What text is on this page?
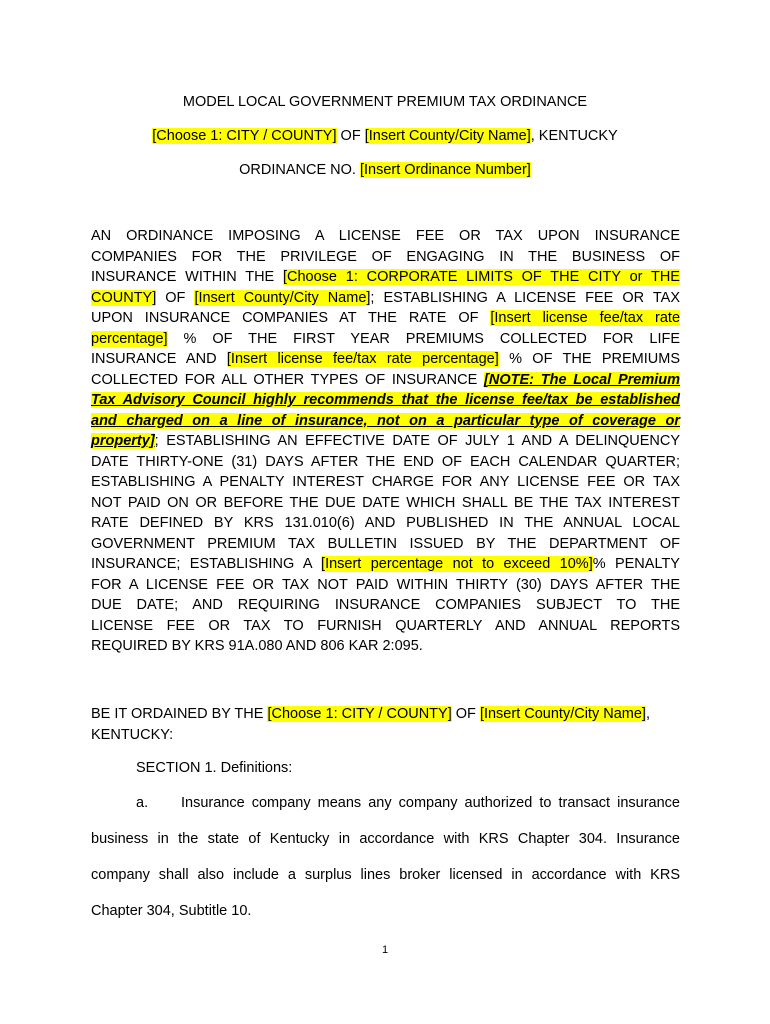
MODEL LOCAL GOVERNMENT PREMIUM TAX ORDINANCE
[Choose 1: CITY / COUNTY] OF [Insert County/City Name], KENTUCKY
ORDINANCE NO. [Insert Ordinance Number]
AN ORDINANCE IMPOSING A LICENSE FEE OR TAX UPON INSURANCE
COMPANIES FOR THE PRIVILEGE OF ENGAGING IN THE BUSINESS OF
INSURANCE WITHIN THE [Choose 1: CORPORATE LIMITS OF THE CITY or THE
COUNTY] OF [Insert County/City Name]; ESTABLISHING A LICENSE FEE OR TAX
UPON INSURANCE COMPANIES AT THE RATE OF [Insert license fee/tax rate
percentage] % OF THE FIRST YEAR PREMIUMS COLLECTED FOR LIFE
INSURANCE AND [Insert license fee/tax rate percentage] % OF THE PREMIUMS
COLLECTED FOR ALL OTHER TYPES OF INSURANCE [NOTE: The Local Premium
Tax Advisory Council highly recommends that the license fee/tax be established
and charged on a line of insurance, not on a particular type of coverage or
property]; ESTABLISHING AN EFFECTIVE DATE OF JULY 1 AND A DELINQUENCY
DATE THIRTY-ONE (31) DAYS AFTER THE END OF EACH CALENDAR QUARTER;
ESTABLISHING A PENALTY INTEREST CHARGE FOR ANY LICENSE FEE OR TAX
NOT PAID ON OR BEFORE THE DUE DATE WHICH SHALL BE THE TAX INTEREST
RATE DEFINED BY KRS 131.010(6) AND PUBLISHED IN THE ANNUAL LOCAL
GOVERNMENT PREMIUM TAX BULLETIN ISSUED BY THE DEPARTMENT OF
INSURANCE; ESTABLISHING A [Insert percentage not to exceed 10%]% PENALTY
FOR A LICENSE FEE OR TAX NOT PAID WITHIN THIRTY (30) DAYS AFTER THE
DUE DATE; AND REQUIRING INSURANCE COMPANIES SUBJECT TO THE
LICENSE FEE OR TAX TO FURNISH QUARTERLY AND ANNUAL REPORTS
REQUIRED BY KRS 91A.080 AND 806 KAR 2:095.
BE IT ORDAINED BY THE [Choose 1: CITY / COUNTY] OF [Insert County/City Name],
KENTUCKY:
SECTION 1. Definitions:
a. Insurance company means any company authorized to transact insurance
business in the state of Kentucky in accordance with KRS Chapter 304. Insurance
company shall also include a surplus lines broker licensed in accordance with KRS
Chapter 304, Subtitle 10.
1
